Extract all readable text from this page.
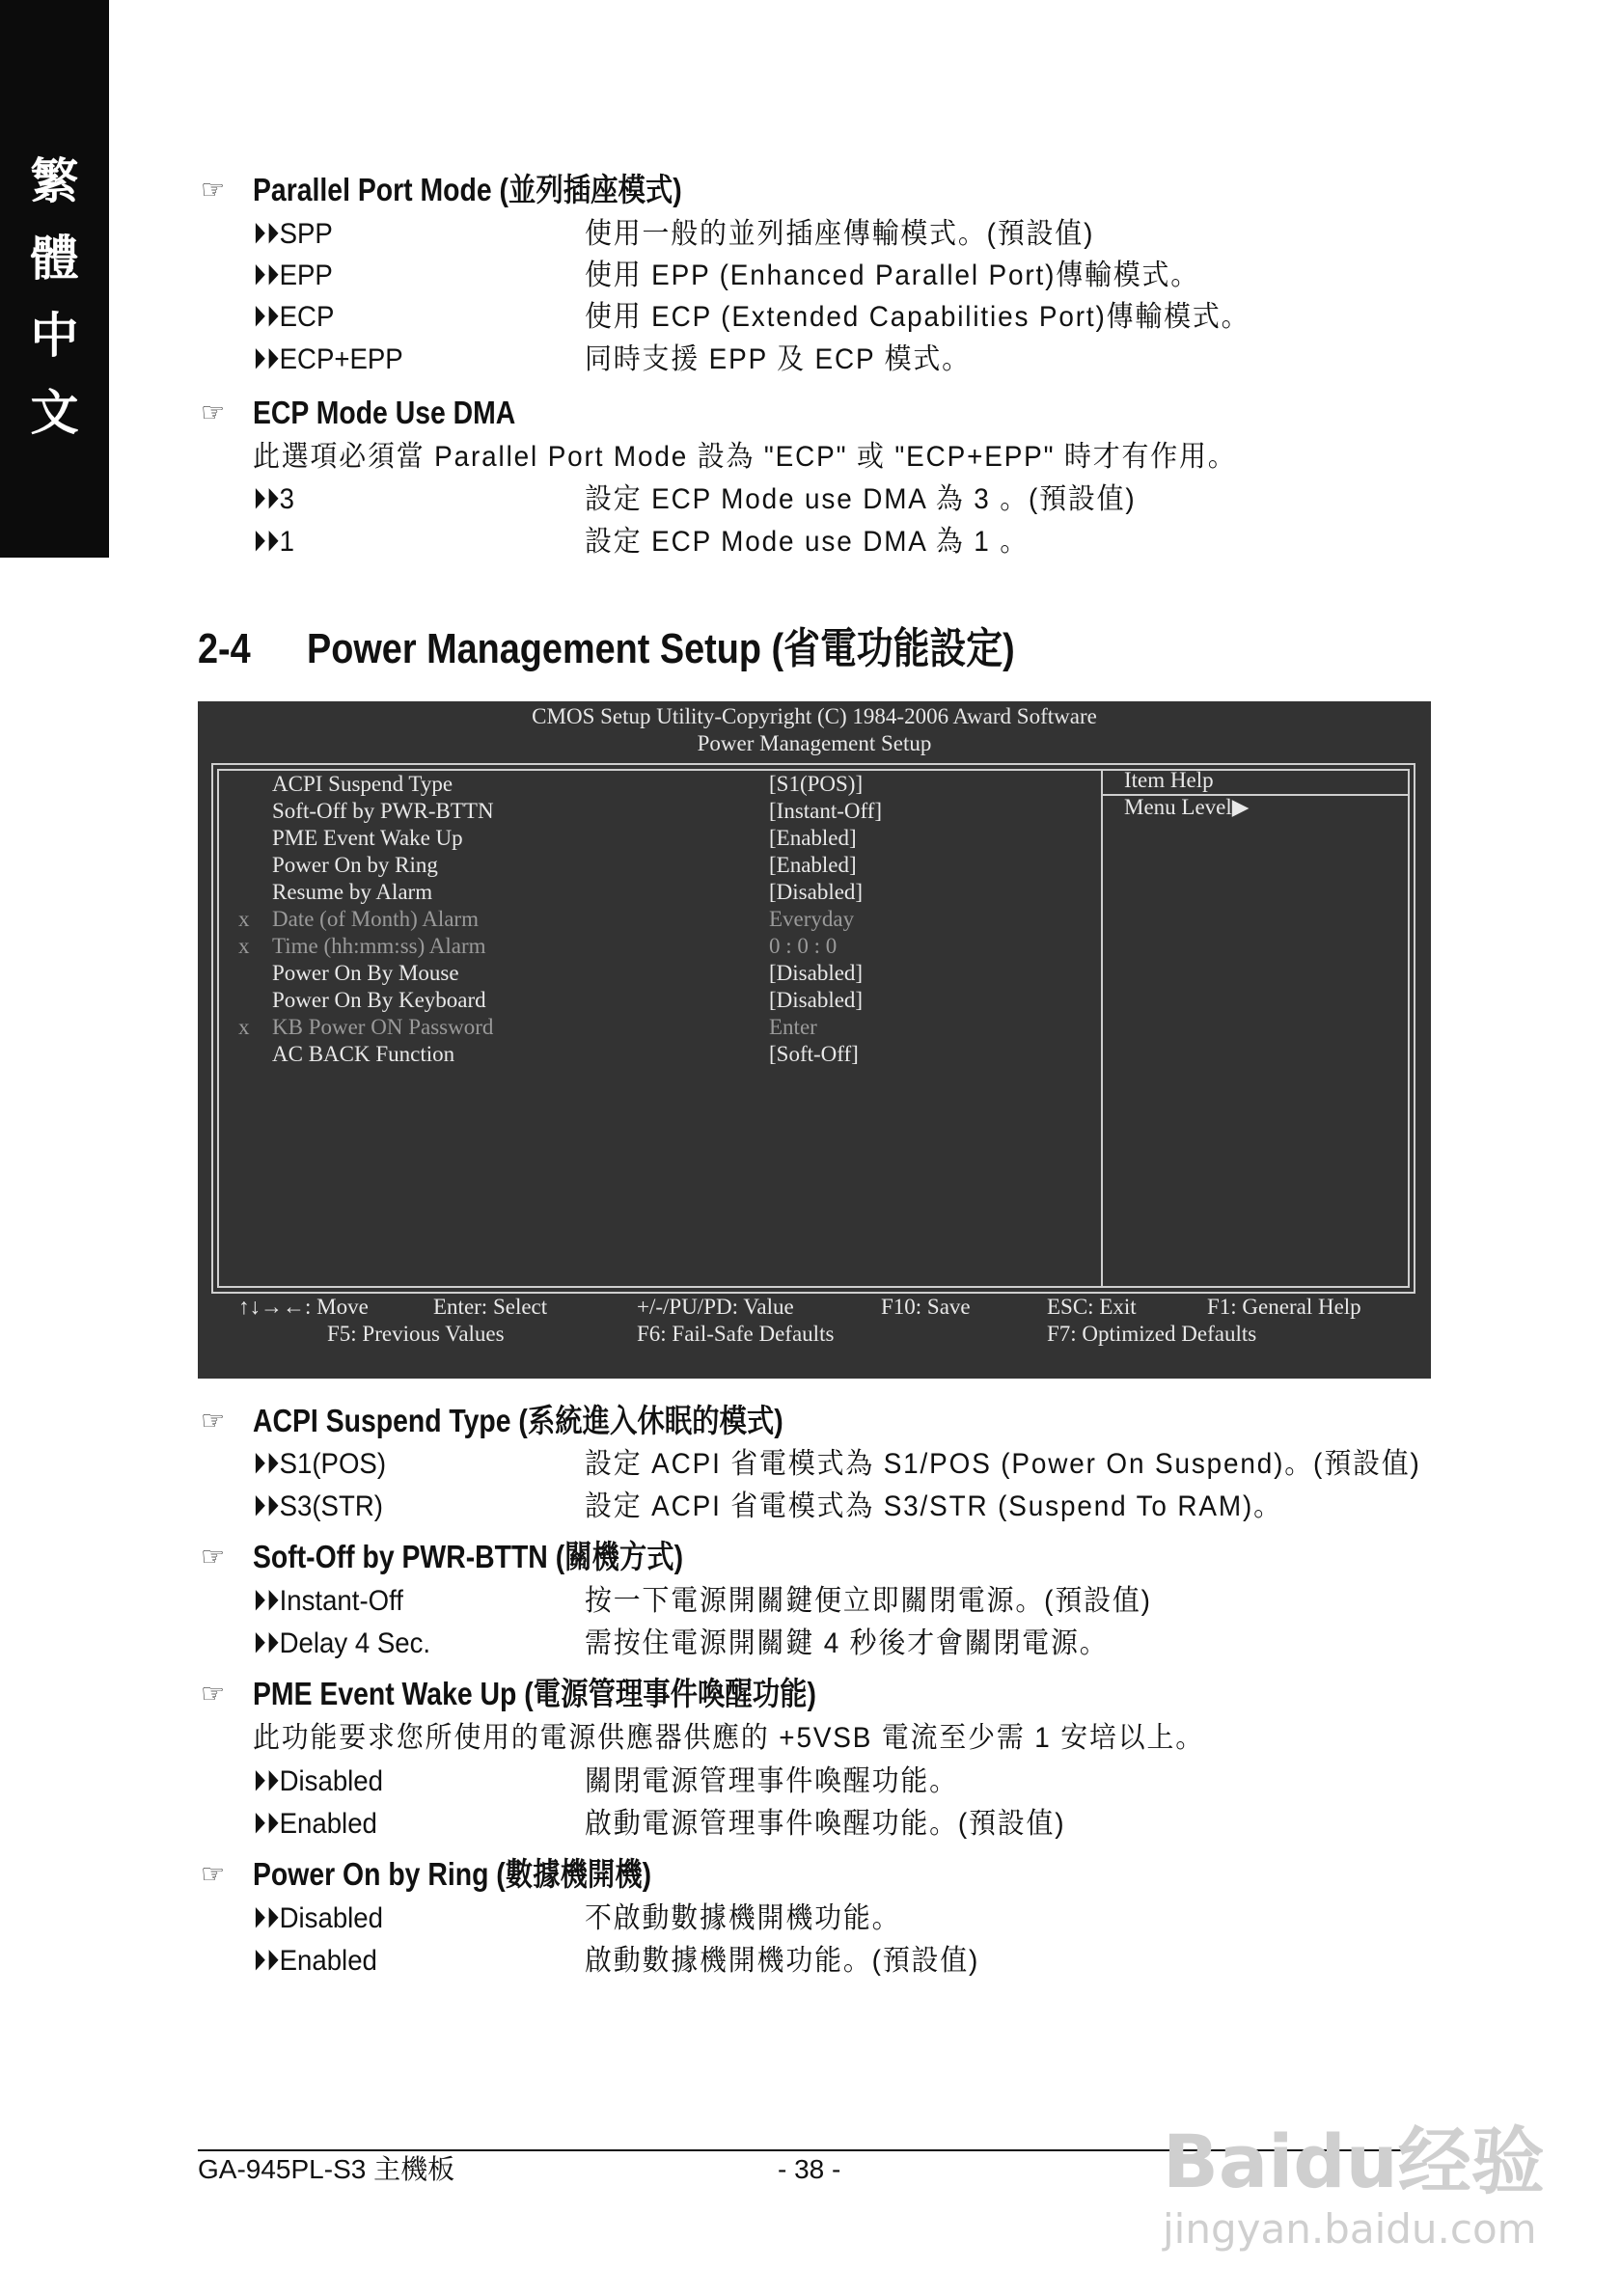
繁
體
中
文
☞ Parallel Port Mode (並列插座模式)
⏵⏵SPP	使用一般的並列插座傳輸模式。(預設值)
⏵⏵EPP	使用 EPP (Enhanced Parallel Port)傳輸模式。
⏵⏵ECP	使用 ECP (Extended Capabilities Port)傳輸模式。
⏵⏵ECP+EPP	同時支援 EPP 及 ECP 模式。
☞ ECP Mode Use DMA
此選項必須當 Parallel Port Mode 設為 "ECP" 或 "ECP+EPP" 時才有作用。
⏵⏵3	設定 ECP Mode use DMA 為 3 。(預設值)
⏵⏵1	設定 ECP Mode use DMA 為 1 。
2-4 Power Management Setup (省電功能設定)
CMOS Setup Utility-Copyright (C) 1984-2006 Award Software
Power Management Setup
ACPI Suspend Type	[S1(POS)]
Soft-Off by PWR-BTTN	[Instant-Off]
PME Event Wake Up	[Enabled]
Power On by Ring	[Enabled]
Resume by Alarm	[Disabled]
x Date (of Month) Alarm	Everyday
x Time (hh:mm:ss) Alarm	0 : 0 : 0
Power On By Mouse	[Disabled]
Power On By Keyboard	[Disabled]
x KB Power ON Password	Enter
AC BACK Function	[Soft-Off]
Item Help
Menu Level▶
↑↓→←: Move	Enter: Select	+/-/PU/PD: Value	F10: Save	ESC: Exit	F1: General Help
F5: Previous Values	F6: Fail-Safe Defaults	F7: Optimized Defaults
☞ ACPI Suspend Type (系統進入休眠的模式)
⏵⏵S1(POS)	設定 ACPI 省電模式為 S1/POS (Power On Suspend)。(預設值)
⏵⏵S3(STR)	設定 ACPI 省電模式為 S3/STR (Suspend To RAM)。
☞ Soft-Off by PWR-BTTN (關機方式)
⏵⏵Instant-Off	按一下電源開關鍵便立即關閉電源。(預設值)
⏵⏵Delay 4 Sec.	需按住電源開關鍵 4 秒後才會關閉電源。
☞ PME Event Wake Up (電源管理事件喚醒功能)
此功能要求您所使用的電源供應器供應的 +5VSB 電流至少需 1 安培以上。
⏵⏵Disabled	關閉電源管理事件喚醒功能。
⏵⏵Enabled	啟動電源管理事件喚醒功能。(預設值)
☞ Power On by Ring (數據機開機)
⏵⏵Disabled	不啟動數據機開機功能。
⏵⏵Enabled	啟動數據機開機功能。(預設值)
GA-945PL-S3 主機板	- 38 -	Baidu经验
jingyan.baidu.com
